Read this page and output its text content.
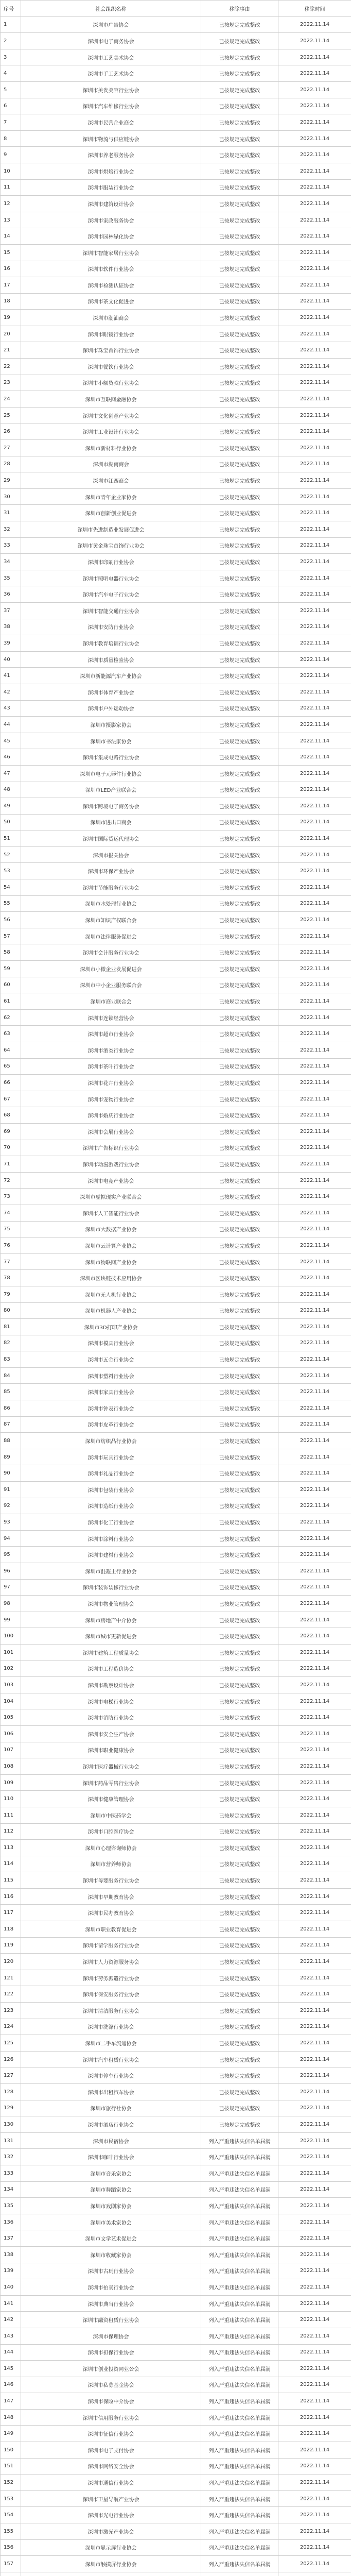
序号	社会组织名称	移除事由	移除时间
1	深圳市广告协会	已按规定完成整改	2022.11.14
2	深圳市电子商务协会	已按规定完成整改	2022.11.14
3	深圳市工艺美术协会	已按规定完成整改	2022.11.14
4	深圳市手工艺术协会	已按规定完成整改	2022.11.14
5	深圳市美发美容行业协会	已按规定完成整改	2022.11.14
6	深圳市汽车维修行业协会	已按规定完成整改	2022.11.14
7	深圳市民营企业商会	已按规定完成整改	2022.11.14
8	深圳市物流与供应链协会	已按规定完成整改	2022.11.14
9	深圳市养老服务协会	已按规定完成整改	2022.11.14
10	深圳市烘焙行业协会	已按规定完成整改	2022.11.14
11	深圳市服装行业协会	已按规定完成整改	2022.11.14
12	深圳市建筑设计协会	已按规定完成整改	2022.11.14
13	深圳市家政服务协会	已按规定完成整改	2022.11.14
14	深圳市园林绿化协会	已按规定完成整改	2022.11.14
15	深圳市智能家居行业协会	已按规定完成整改	2022.11.14
16	深圳市软件行业协会	已按规定完成整改	2022.11.14
17	深圳市检测认证协会	已按规定完成整改	2022.11.14
18	深圳市茶文化促进会	已按规定完成整改	2022.11.14
19	深圳市潮汕商会	已按规定完成整改	2022.11.14
20	深圳市眼镜行业协会	已按规定完成整改	2022.11.14
21	深圳市珠宝首饰行业协会	已按规定完成整改	2022.11.14
22	深圳市餐饮行业协会	已按规定完成整改	2022.11.14
23	深圳市小额贷款行业协会	已按规定完成整改	2022.11.14
24	深圳市互联网金融协会	已按规定完成整改	2022.11.14
25	深圳市文化创意产业协会	已按规定完成整改	2022.11.14
26	深圳市工业设计行业协会	已按规定完成整改	2022.11.14
27	深圳市新材料行业协会	已按规定完成整改	2022.11.14
28	深圳市湖南商会	已按规定完成整改	2022.11.14
29	深圳市江西商会	已按规定完成整改	2022.11.14
30	深圳市青年企业家协会	已按规定完成整改	2022.11.14
31	深圳市创新创业促进会	已按规定完成整改	2022.11.14
32	深圳市先进制造业发展促进会	已按规定完成整改	2022.11.14
33	深圳市黄金珠宝首饰行业协会	已按规定完成整改	2022.11.14
34	深圳市印刷行业协会	已按规定完成整改	2022.11.14
35	深圳市照明电器行业协会	已按规定完成整改	2022.11.14
36	深圳市汽车电子行业协会	已按规定完成整改	2022.11.14
37	深圳市智能交通行业协会	已按规定完成整改	2022.11.14
38	深圳市安防行业协会	已按规定完成整改	2022.11.14
39	深圳市教育培训行业协会	已按规定完成整改	2022.11.14
40	深圳市质量检验协会	已按规定完成整改	2022.11.14
41	深圳市新能源汽车产业协会	已按规定完成整改	2022.11.14
42	深圳市体育产业协会	已按规定完成整改	2022.11.14
43	深圳市户外运动协会	已按规定完成整改	2022.11.14
44	深圳市摄影家协会	已按规定完成整改	2022.11.14
45	深圳市书法家协会	已按规定完成整改	2022.11.14
46	深圳市集成电路行业协会	已按规定完成整改	2022.11.14
47	深圳市电子元器件行业协会	已按规定完成整改	2022.11.14
48	深圳市LED产业联合会	已按规定完成整改	2022.11.14
49	深圳市跨境电子商务协会	已按规定完成整改	2022.11.14
50	深圳市进出口商会	已按规定完成整改	2022.11.14
51	深圳市国际货运代理协会	已按规定完成整改	2022.11.14
52	深圳市报关协会	已按规定完成整改	2022.11.14
53	深圳市环保产业协会	已按规定完成整改	2022.11.14
54	深圳市节能服务行业协会	已按规定完成整改	2022.11.14
55	深圳市水处理行业协会	已按规定完成整改	2022.11.14
56	深圳市知识产权联合会	已按规定完成整改	2022.11.14
57	深圳市法律服务促进会	已按规定完成整改	2022.11.14
58	深圳市会计服务行业协会	已按规定完成整改	2022.11.14
59	深圳市小微企业发展促进会	已按规定完成整改	2022.11.14
60	深圳市中小企业服务联合会	已按规定完成整改	2022.11.14
61	深圳市商业联合会	已按规定完成整改	2022.11.14
62	深圳市连锁经营协会	已按规定完成整改	2022.11.14
63	深圳市超市行业协会	已按规定完成整改	2022.11.14
64	深圳市酒类行业协会	已按规定完成整改	2022.11.14
65	深圳市茶叶行业协会	已按规定完成整改	2022.11.14
66	深圳市花卉行业协会	已按规定完成整改	2022.11.14
67	深圳市宠物行业协会	已按规定完成整改	2022.11.14
68	深圳市婚庆行业协会	已按规定完成整改	2022.11.14
69	深圳市会展行业协会	已按规定完成整改	2022.11.14
70	深圳市广告标识行业协会	已按规定完成整改	2022.11.14
71	深圳市动漫游戏行业协会	已按规定完成整改	2022.11.14
72	深圳市电竞产业协会	已按规定完成整改	2022.11.14
73	深圳市虚拟现实产业联合会	已按规定完成整改	2022.11.14
74	深圳市人工智能行业协会	已按规定完成整改	2022.11.14
75	深圳市大数据产业协会	已按规定完成整改	2022.11.14
76	深圳市云计算产业协会	已按规定完成整改	2022.11.14
77	深圳市物联网产业协会	已按规定完成整改	2022.11.14
78	深圳市区块链技术应用协会	已按规定完成整改	2022.11.14
79	深圳市无人机行业协会	已按规定完成整改	2022.11.14
80	深圳市机器人产业协会	已按规定完成整改	2022.11.14
81	深圳市3D打印产业协会	已按规定完成整改	2022.11.14
82	深圳市模具行业协会	已按规定完成整改	2022.11.14
83	深圳市五金行业协会	已按规定完成整改	2022.11.14
84	深圳市塑料行业协会	已按规定完成整改	2022.11.14
85	深圳市家具行业协会	已按规定完成整改	2022.11.14
86	深圳市钟表行业协会	已按规定完成整改	2022.11.14
87	深圳市皮革行业协会	已按规定完成整改	2022.11.14
88	深圳市纺织品行业协会	已按规定完成整改	2022.11.14
89	深圳市玩具行业协会	已按规定完成整改	2022.11.14
90	深圳市礼品行业协会	已按规定完成整改	2022.11.14
91	深圳市包装行业协会	已按规定完成整改	2022.11.14
92	深圳市造纸行业协会	已按规定完成整改	2022.11.14
93	深圳市化工行业协会	已按规定完成整改	2022.11.14
94	深圳市涂料行业协会	已按规定完成整改	2022.11.14
95	深圳市建材行业协会	已按规定完成整改	2022.11.14
96	深圳市混凝土行业协会	已按规定完成整改	2022.11.14
97	深圳市装饰装修行业协会	已按规定完成整改	2022.11.14
98	深圳市物业管理协会	已按规定完成整改	2022.11.14
99	深圳市房地产中介协会	已按规定完成整改	2022.11.14
100	深圳市城市更新促进会	已按规定完成整改	2022.11.14
101	深圳市建筑工程质量协会	已按规定完成整改	2022.11.14
102	深圳市工程造价协会	已按规定完成整改	2022.11.14
103	深圳市勘察设计协会	已按规定完成整改	2022.11.14
104	深圳市电梯行业协会	已按规定完成整改	2022.11.14
105	深圳市消防行业协会	已按规定完成整改	2022.11.14
106	深圳市安全生产协会	已按规定完成整改	2022.11.14
107	深圳市职业健康协会	已按规定完成整改	2022.11.14
108	深圳市医疗器械行业协会	已按规定完成整改	2022.11.14
109	深圳市药品零售行业协会	已按规定完成整改	2022.11.14
110	深圳市健康管理协会	已按规定完成整改	2022.11.14
111	深圳市中医药学会	已按规定完成整改	2022.11.14
112	深圳市口腔医疗协会	已按规定完成整改	2022.11.14
113	深圳市心理咨询师协会	已按规定完成整改	2022.11.14
114	深圳市营养师协会	已按规定完成整改	2022.11.14
115	深圳市母婴服务行业协会	已按规定完成整改	2022.11.14
116	深圳市早期教育协会	已按规定完成整改	2022.11.14
117	深圳市民办教育协会	已按规定完成整改	2022.11.14
118	深圳市职业教育促进会	已按规定完成整改	2022.11.14
119	深圳市留学服务行业协会	已按规定完成整改	2022.11.14
120	深圳市人力资源服务协会	已按规定完成整改	2022.11.14
121	深圳市劳务派遣行业协会	已按规定完成整改	2022.11.14
122	深圳市保安服务行业协会	已按规定完成整改	2022.11.14
123	深圳市清洁服务行业协会	已按规定完成整改	2022.11.14
124	深圳市洗涤行业协会	已按规定完成整改	2022.11.14
125	深圳市二手车流通协会	已按规定完成整改	2022.11.14
126	深圳市汽车租赁行业协会	已按规定完成整改	2022.11.14
127	深圳市停车行业协会	已按规定完成整改	2022.11.14
128	深圳市出租汽车协会	已按规定完成整改	2022.11.14
129	深圳市旅行社协会	已按规定完成整改	2022.11.14
130	深圳市酒店行业协会	已按规定完成整改	2022.11.14
131	深圳市民宿协会	列入严重违法失信名单届满	2022.11.14
132	深圳市咖啡行业协会	列入严重违法失信名单届满	2022.11.14
133	深圳市音乐家协会	列入严重违法失信名单届满	2022.11.14
134	深圳市舞蹈家协会	列入严重违法失信名单届满	2022.11.14
135	深圳市戏剧家协会	列入严重违法失信名单届满	2022.11.14
136	深圳市美术家协会	列入严重违法失信名单届满	2022.11.14
137	深圳市文学艺术促进会	列入严重违法失信名单届满	2022.11.14
138	深圳市收藏家协会	列入严重违法失信名单届满	2022.11.14
139	深圳市古玩行业协会	列入严重违法失信名单届满	2022.11.14
140	深圳市拍卖行业协会	列入严重违法失信名单届满	2022.11.14
141	深圳市典当行业协会	列入严重违法失信名单届满	2022.11.14
142	深圳市融资租赁行业协会	列入严重违法失信名单届满	2022.11.14
143	深圳市保理协会	列入严重违法失信名单届满	2022.11.14
144	深圳市担保行业协会	列入严重违法失信名单届满	2022.11.14
145	深圳市创业投资同业公会	列入严重违法失信名单届满	2022.11.14
146	深圳市私募基金协会	列入严重违法失信名单届满	2022.11.14
147	深圳市保险中介协会	列入严重违法失信名单届满	2022.11.14
148	深圳市信用服务行业协会	列入严重违法失信名单届满	2022.11.14
149	深圳市征信行业协会	列入严重违法失信名单届满	2022.11.14
150	深圳市电子支付协会	列入严重违法失信名单届满	2022.11.14
151	深圳市网络安全协会	列入严重违法失信名单届满	2022.11.14
152	深圳市通信行业协会	列入严重违法失信名单届满	2022.11.14
153	深圳市卫星导航产业协会	列入严重违法失信名单届满	2022.11.14
154	深圳市光电行业协会	列入严重违法失信名单届满	2022.11.14
155	深圳市激光产业协会	列入严重违法失信名单届满	2022.11.14
156	深圳市显示屏行业协会	列入严重违法失信名单届满	2022.11.14
157	深圳市触摸屏行业协会	列入严重违法失信名单届满	2022.11.14
